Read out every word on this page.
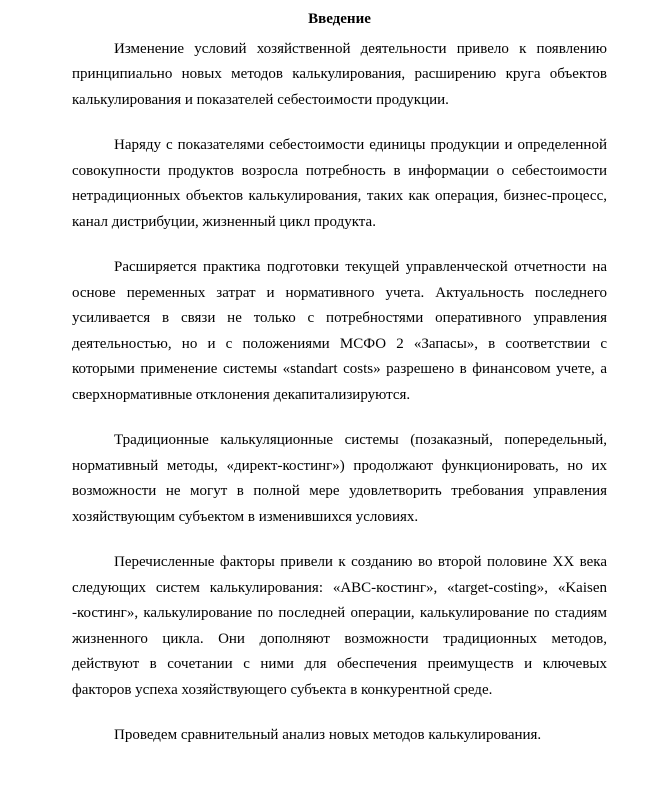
Введение

Изменение условий хозяйственной деятельности привело к появлению принципиально новых методов калькулирования, расширению круга объектов калькулирования и показателей себестоимости продукции.

Наряду с показателями себестоимости единицы продукции и определенной совокупности продуктов возросла потребность в информации о себестоимости нетрадиционных объектов калькулирования, таких как операция, бизнес-процесс, канал дистрибуции, жизненный цикл продукта.

Расширяется практика подготовки текущей управленческой отчетности на основе переменных затрат и нормативного учета. Актуальность последнего усиливается в связи не только с потребностями оперативного управления деятельностью, но и с положениями МСФО 2 «Запасы», в соответствии с которыми применение системы «standart costs» разрешено в финансовом учете, а сверхнормативные отклонения декапитализируются.

Традиционные калькуляционные системы (позаказный, попередельный, нормативный методы, «директ-костинг») продолжают функционировать, но их возможности не могут в полной мере удовлетворить требования управления хозяйствующим субъектом в изменившихся условиях.

Перечисленные факторы привели к созданию во второй половине XX века следующих систем калькулирования: «АВС-костинг», «target-costing», «Kaisen -костинг», калькулирование по последней операции, калькулирование по стадиям жизненного цикла. Они дополняют возможности традиционных методов, действуют в сочетании с ними для обеспечения преимуществ и ключевых факторов успеха хозяйствующего субъекта в конкурентной среде.

Проведем сравнительный анализ новых методов калькулирования.
